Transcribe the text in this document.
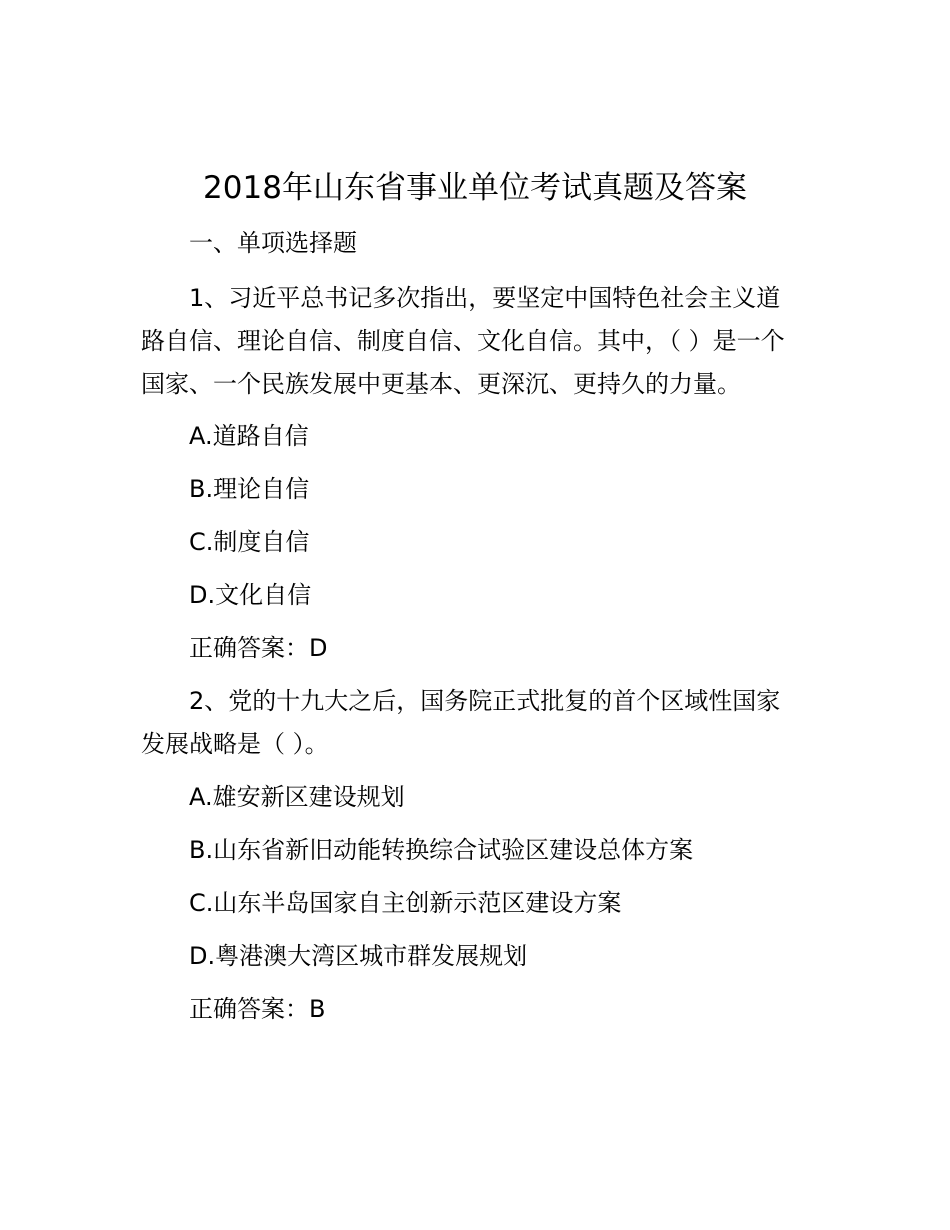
2018年山东省事业单位考试真题及答案
一、单项选择题
1、习近平总书记多次指出，要坚定中国特色社会主义道
路自信、理论自信、制度自信、文化自信。其中，（ ）是一个
国家、一个民族发展中更基本、更深沉、更持久的力量。
A.道路自信
B.理论自信
C.制度自信
D.文化自信
正确答案：D
2、党的十九大之后，国务院正式批复的首个区域性国家
发展战略是（ ）。
A.雄安新区建设规划
B.山东省新旧动能转换综合试验区建设总体方案
C.山东半岛国家自主创新示范区建设方案
D.粤港澳大湾区城市群发展规划
正确答案：B
